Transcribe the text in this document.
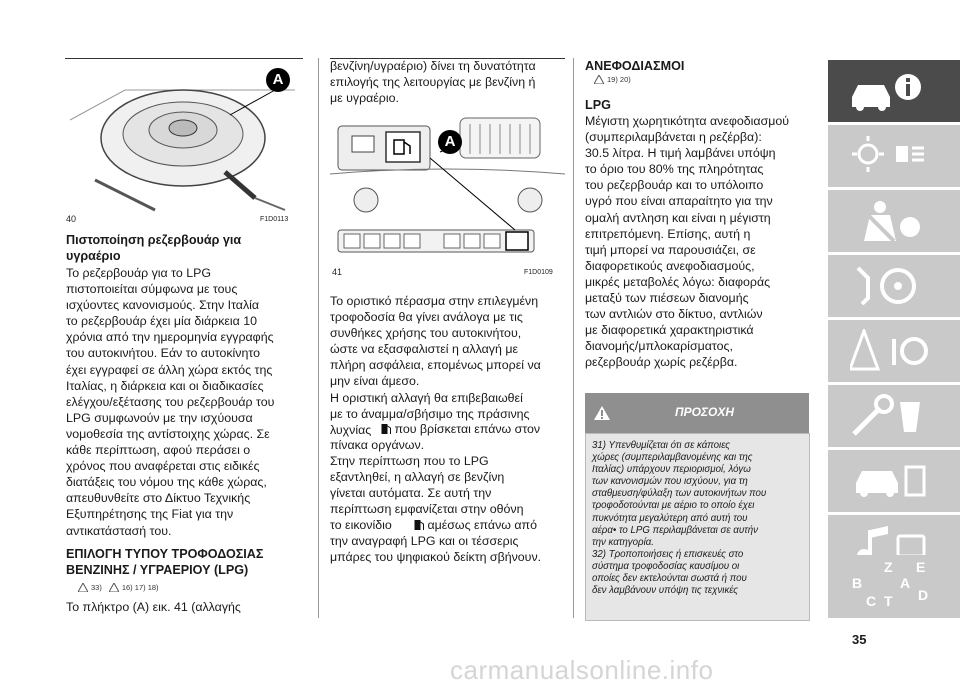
A
40	F1D0113
Πιστοποίηση ρεζερβουάρ για
υγραέριο
Το ρεζερβουάρ για το LPG
πιστοποιείται σύμφωνα με τους
ισχύοντες κανονισμούς. Στην Ιταλία
το ρεζερβουάρ έχει μία διάρκεια 10
χρόνια από την ημερομηνία εγγραφής
του αυτοκινήτου. Εάν το αυτοκίνητο
έχει εγγραφεί σε άλλη χώρα εκτός της
Ιταλίας, η διάρκεια και οι διαδικασίες
ελέγχου/εξέτασης του ρεζερβουάρ του
LPG συμφωνούν με την ισχύουσα
νομοθεσία της αντίστοιχης χώρας. Σε
κάθε περίπτωση, αφού περάσει ο
χρόνος που αναφέρεται στις ειδικές
διατάξεις του νόμου της κάθε χώρας,
απευθυνθείτε στο Δίκτυο Τεχνικής
Εξυπηρέτησης της Fiat για την
αντικατάστασή του.
ΕΠΙΛΟΓΗ ΤΥΠΟΥ ΤΡΟΦΟΔΟΣΙΑΣ
ΒΕΝΖΙΝΗΣ / ΥΓΡΑΕΡΙΟΥ (LPG)
33)	16) 17) 18)
Το πλήκτρο (A) εικ. 41 (αλλαγής
βενζίνη/υγραέριο) δίνει τη δυνατότητα
επιλογής της λειτουργίας με βενζίνη ή
με υγραέριο.
A
41	F1D0109
Το οριστικό πέρασμα στην επιλεγμένη
τροφοδοσία θα γίνει ανάλογα με τις
συνθήκες χρήσης του αυτοκινήτου,
ώστε να εξασφαλιστεί η αλλαγή με
πλήρη ασφάλεια, επομένως μπορεί να
μην είναι άμεσο.
Η οριστική αλλαγή θα επιβεβαιωθεί
με το άναμμα/σβήσιμο της πράσινης
λυχνίας	που βρίσκεται επάνω στον
πίνακα οργάνων.
Στην περίπτωση που το LPG
εξαντληθεί, η αλλαγή σε βενζίνη
γίνεται αυτόματα. Σε αυτή την
περίπτωση εμφανίζεται στην οθόνη
το εικονίδιο	αμέσως επάνω από
την αναγραφή LPG και οι τέσσερις
μπάρες του ψηφιακού δείκτη σβήνουν.
ΑΝΕΦΟΔΙΑΣΜΟΙ
19) 20)
LPG
Μέγιστη χωρητικότητα ανεφοδιασμού
(συμπεριλαμβάνεται η ρεζέρβα):
30.5 λίτρα. Η τιμή λαμβάνει υπόψη
το όριο του 80% της πληρότητας
του ρεζερβουάρ και το υπόλοιπο
υγρό που είναι απαραίτητο για την
ομαλή αντληση και είναι η μέγιστη
επιτρεπόμενη. Επίσης, αυτή η
τιμή μπορεί να παρουσιάζει, σε
διαφορετικούς ανεφοδιασμούς,
μικρές μεταβολές λόγω: διαφοράς
μεταξύ των πιέσεων διανομής
των αντλιών στο δίκτυο, αντλιών
με διαφορετικά χαρακτηριστικά
διανομής/μπλοκαρίσματος,
ρεζερβουάρ χωρίς ρεζέρβα.
ΠΡΟΣΟΧΗ
31) Υπενθυμίζεται ότι σε κάποιες
χώρες (συμπεριλαμβανομένης και της
Ιταλίας) υπάρχουν περιορισμοί, λόγω
των κανονισμών που ισχύουν, για τη
σταθμευση/φύλαξη των αυτοκινήτων που
τροφοδοτούνται με αέριο το οποίο έχει
πυκνότητα μεγαλύτερη από αυτή του
αέρα• το LPG περιλαμβάνεται σε αυτήν
την κατηγορία.
32) Τροποποιήσεις ή επισκευές στο
σύστημα τροφοδοσίας καυσίμου οι
οποίες δεν εκτελούνται σωστά ή που
δεν λαμβάνουν υπόψη τις τεχνικές
Z E
B	A
D
C T
35
carmanualsonline.info
